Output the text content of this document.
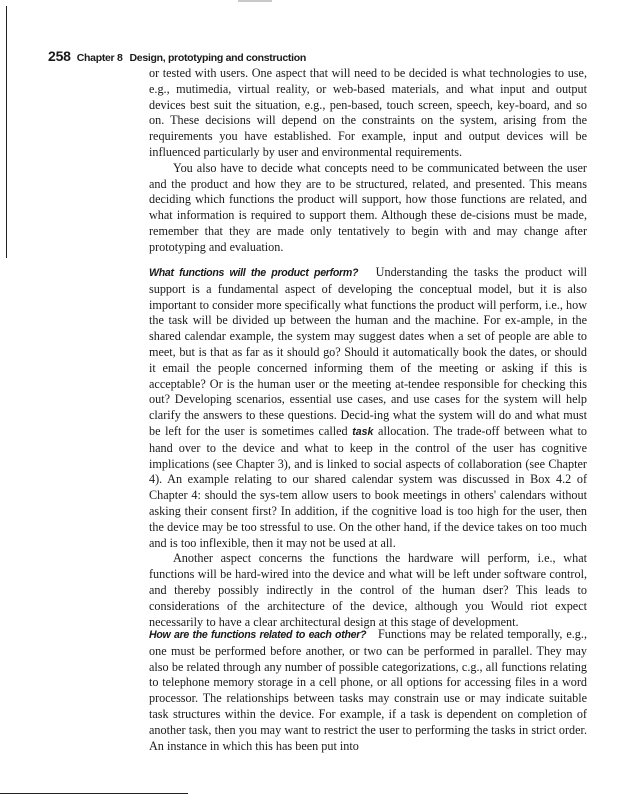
258 Chapter 8 Design, prototyping and construction

or tested with users. One aspect that will need to be decided is what technologies to use, e.g., mutimedia, virtual reality, or web-based materials, and what input and output devices best suit the situation, e.g., pen-based, touch screen, speech, key-board, and so on. These decisions will depend on the constraints on the system, arising from the requirements you have established. For example, input and output devices will be influenced particularly by user and environmental requirements.

You also have to decide what concepts need to be communicated between the user and the product and how they are to be structured, related, and presented. This means deciding which functions the product will support, how those functions are related, and what information is required to support them. Although these de-cisions must be made, remember that they are made only tentatively to begin with and may change after prototyping and evaluation.

What functions will the product perform? Understanding the tasks the product will support is a fundamental aspect of developing the conceptual model, but it is also important to consider more specifically what functions the product will perform, i.e., how the task will be divided up between the human and the machine. For ex-ample, in the shared calendar example, the system may suggest dates when a set of people are able to meet, but is that as far as it should go? Should it automatically book the dates, or should it email the people concerned informing them of the meeting or asking if this is acceptable? Or is the human user or the meeting at-tendee responsible for checking this out? Developing scenarios, essential use cases, and use cases for the system will help clarify the answers to these questions. Decid-ing what the system will do and what must be left for the user is sometimes called task allocation. The trade-off between what to hand over to the device and what to keep in the control of the user has cognitive implications (see Chapter 3), and is linked to social aspects of collaboration (see Chapter 4). An example relating to our shared calendar system was discussed in Box 4.2 of Chapter 4: should the sys-tem allow users to book meetings in others' calendars without asking their consent first? In addition, if the cognitive load is too high for the user, then the device may be too stressful to use. On the other hand, if the device takes on too much and is too inflexible, then it may not be used at all.

Another aspect concerns the functions the hardware will perform, i.e., what functions will be hard-wired into the device and what will be left under software control, and thereby possibly indirectly in the control of the human dser? This leads to considerations of the architecture of the device, although you Would riot expect necessarily to have a clear architectural design at this stage of development.

How are the functions related to each other? Functions may be related temporally, e.g., one must be performed before another, or two can be performed in parallel. They may also be related through any number of possible categorizations, c.g., all functions relating to telephone memory storage in a cell phone, or all options for accessing files in a word processor. The relationships between tasks may constrain use or may indicate suitable task structures within the device. For example, if a task is dependent on completion of another task, then you may want to restrict the user to performing the tasks in strict order. An instance in which this has been put into
